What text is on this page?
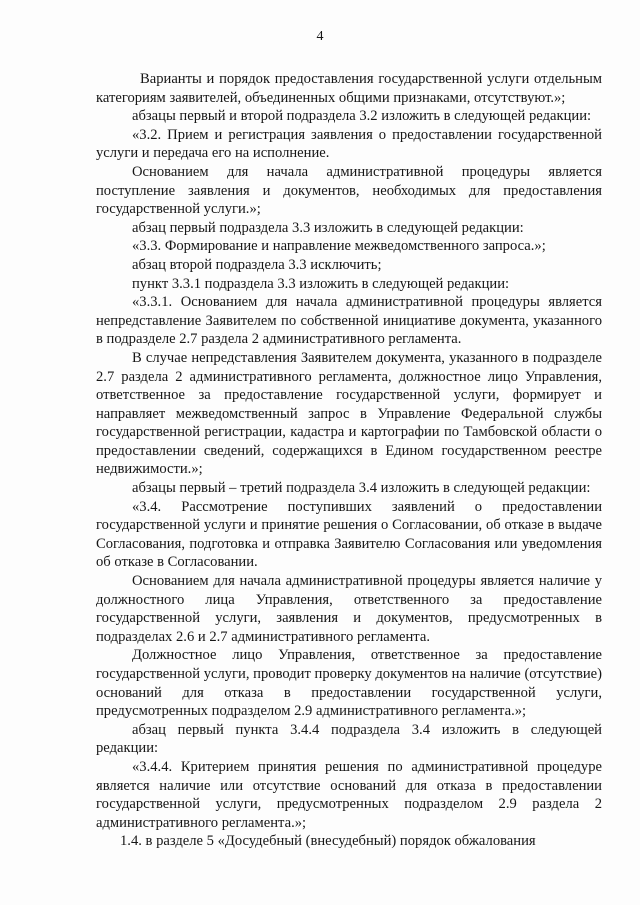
4

Варианты и порядок предоставления государственной услуги отдельным категориям заявителей, объединенных общими признаками, отсутствуют.»;

абзацы первый и второй подраздела 3.2 изложить в следующей редакции:

«3.2. Прием и регистрация заявления о предоставлении государственной услуги и передача его на исполнение.

Основанием для начала административной процедуры является поступление заявления и документов, необходимых для предоставления государственной услуги.»;

абзац первый подраздела 3.3 изложить в следующей редакции:

«3.3. Формирование и направление межведомственного запроса.»;

абзац второй подраздела 3.3 исключить;

пункт 3.3.1 подраздела 3.3 изложить в следующей редакции:

«3.3.1. Основанием для начала административной процедуры является непредставление Заявителем по собственной инициативе документа, указанного в подразделе 2.7 раздела 2 административного регламента.

В случае непредставления Заявителем документа, указанного в подразделе 2.7 раздела 2 административного регламента, должностное лицо Управления, ответственное за предоставление государственной услуги, формирует и направляет межведомственный запрос в Управление Федеральной службы государственной регистрации, кадастра и картографии по Тамбовской области о предоставлении сведений, содержащихся в Едином государственном реестре недвижимости.»;

абзацы первый – третий подраздела 3.4 изложить в следующей редакции:

«3.4. Рассмотрение поступивших заявлений о предоставлении государственной услуги и принятие решения о Согласовании, об отказе в выдаче Согласования, подготовка и отправка Заявителю Согласования или уведомления об отказе в Согласовании.

Основанием для начала административной процедуры является наличие у должностного лица Управления, ответственного за предоставление государственной услуги, заявления и документов, предусмотренных в подразделах 2.6 и 2.7 административного регламента.

Должностное лицо Управления, ответственное за предоставление государственной услуги, проводит проверку документов на наличие (отсутствие) оснований для отказа в предоставлении государственной услуги, предусмотренных подразделом 2.9 административного регламента.»;

абзац первый пункта 3.4.4 подраздела 3.4 изложить в следующей редакции:

«3.4.4. Критерием принятия решения по административной процедуре является наличие или отсутствие оснований для отказа в предоставлении государственной услуги, предусмотренных подразделом 2.9 раздела 2 административного регламента.»;

1.4. в разделе 5 «Досудебный (внесудебный) порядок обжалования
